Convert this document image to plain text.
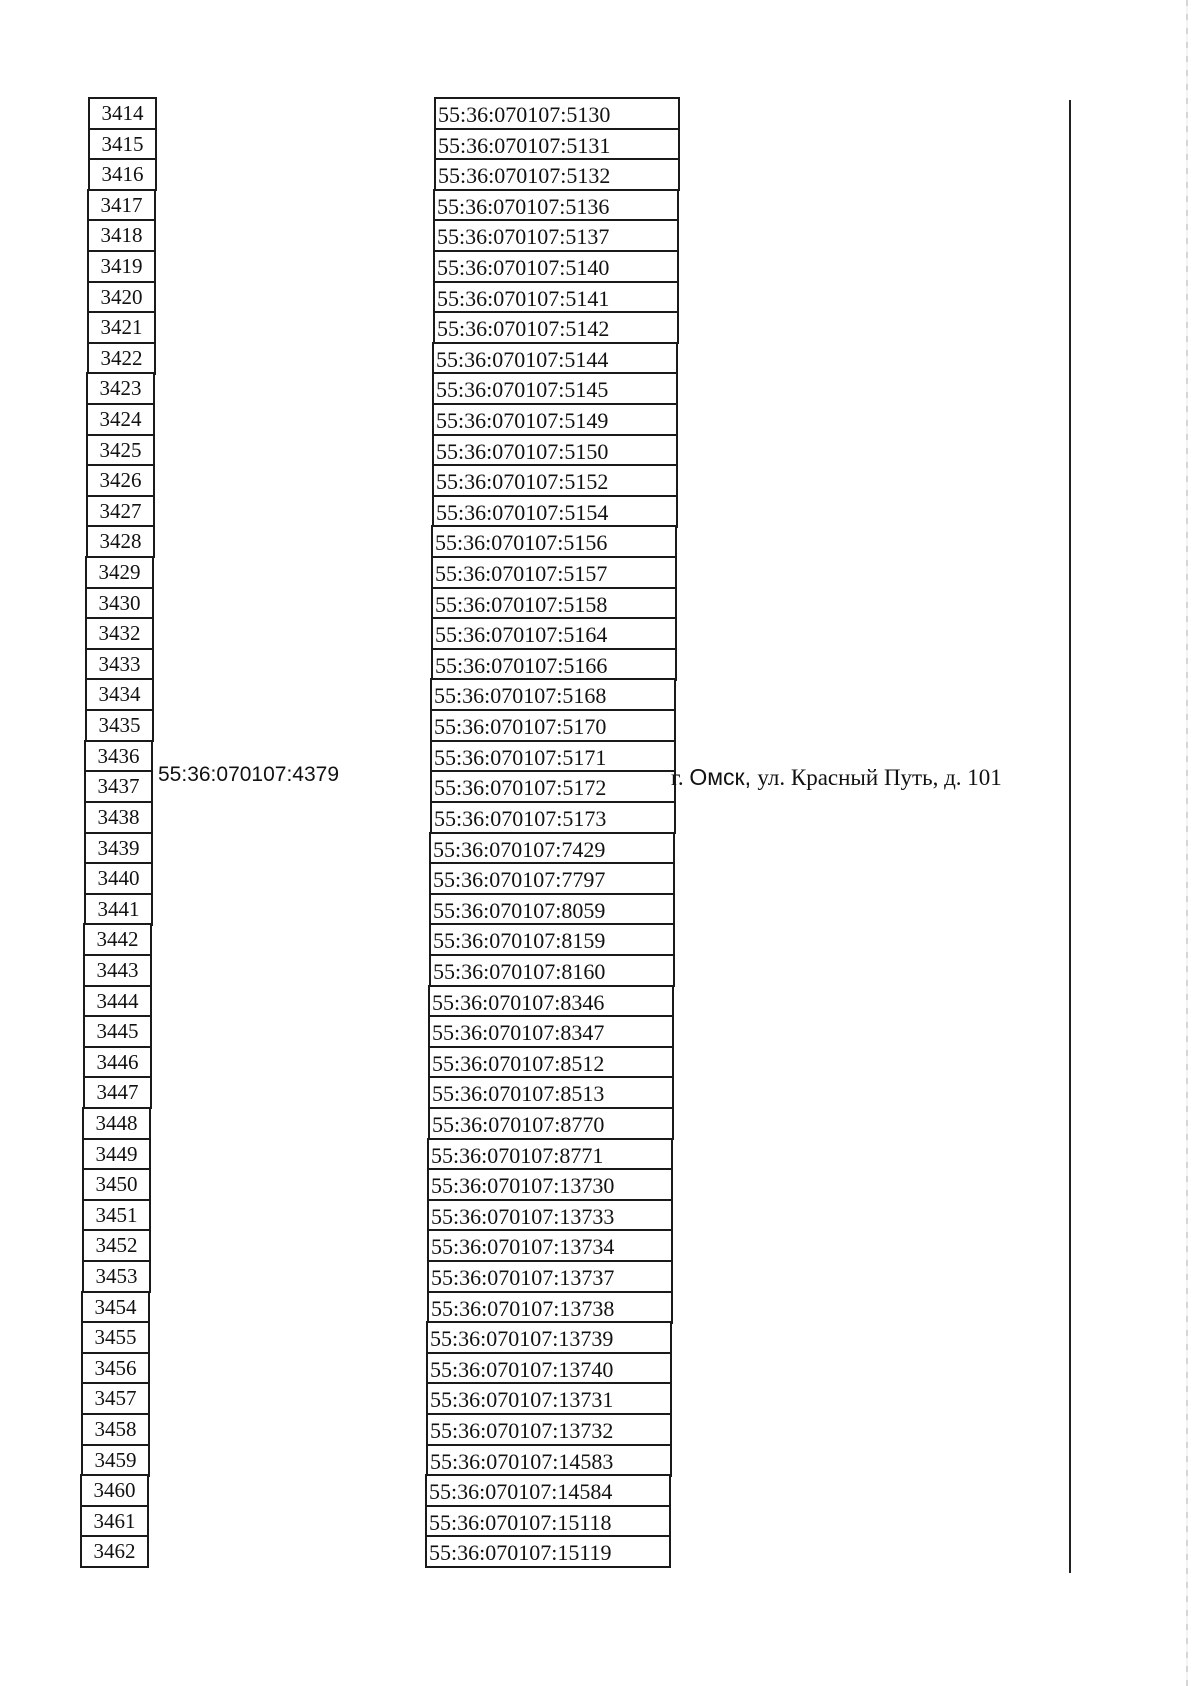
3414
3415
3416
3417
3418
3419
3420
3421
3422
3423
3424
3425
3426
3427
3428
3429
3430
3432
3433
3434
3435
3436
3437
3438
3439
3440
3441
3442
3443
3444
3445
3446
3447
3448
3449
3450
3451
3452
3453
3454
3455
3456
3457
3458
3459
3460
3461
3462
55:36:070107:5130
55:36:070107:5131
55:36:070107:5132
55:36:070107:5136
55:36:070107:5137
55:36:070107:5140
55:36:070107:5141
55:36:070107:5142
55:36:070107:5144
55:36:070107:5145
55:36:070107:5149
55:36:070107:5150
55:36:070107:5152
55:36:070107:5154
55:36:070107:5156
55:36:070107:5157
55:36:070107:5158
55:36:070107:5164
55:36:070107:5166
55:36:070107:5168
55:36:070107:5170
55:36:070107:5171
55:36:070107:5172
55:36:070107:5173
55:36:070107:7429
55:36:070107:7797
55:36:070107:8059
55:36:070107:8159
55:36:070107:8160
55:36:070107:8346
55:36:070107:8347
55:36:070107:8512
55:36:070107:8513
55:36:070107:8770
55:36:070107:8771
55:36:070107:13730
55:36:070107:13733
55:36:070107:13734
55:36:070107:13737
55:36:070107:13738
55:36:070107:13739
55:36:070107:13740
55:36:070107:13731
55:36:070107:13732
55:36:070107:14583
55:36:070107:14584
55:36:070107:15118
55:36:070107:15119
55:36:070107:4379	г. Омск, ул. Красный Путь, д. 101
